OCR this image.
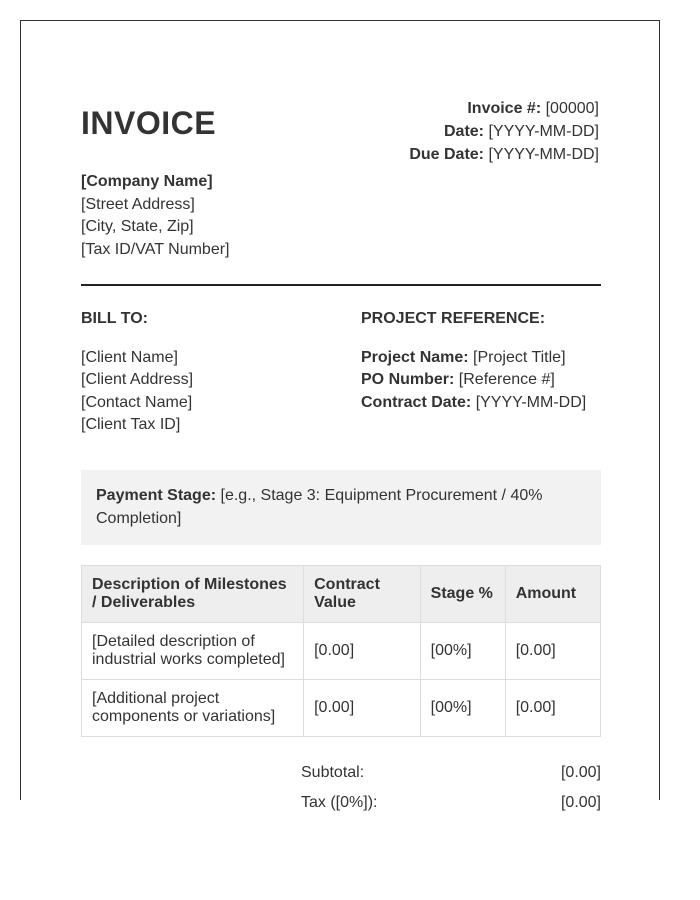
INVOICE	Invoice #: [00000]
Date: [YYYY-MM-DD]
Due Date: [YYYY-MM-DD]
[Company Name]
[Street Address]
[City, State, Zip]
[Tax ID/VAT Number]
BILL TO:
[Client Name]
[Client Address]
[Contact Name]
[Client Tax ID]
PROJECT REFERENCE:
Project Name: [Project Title]
PO Number: [Reference #]
Contract Date: [YYYY-MM-DD]
Payment Stage: [e.g., Stage 3: Equipment Procurement / 40% Completion]
Description of Milestones / Deliverables	Contract Value	Stage %	Amount
[Detailed description of industrial works completed]	[0.00]	[00%]	[0.00]
[Additional project components or variations]	[0.00]	[00%]	[0.00]
Subtotal:	[0.00]
Tax ([0%]):	[0.00]
